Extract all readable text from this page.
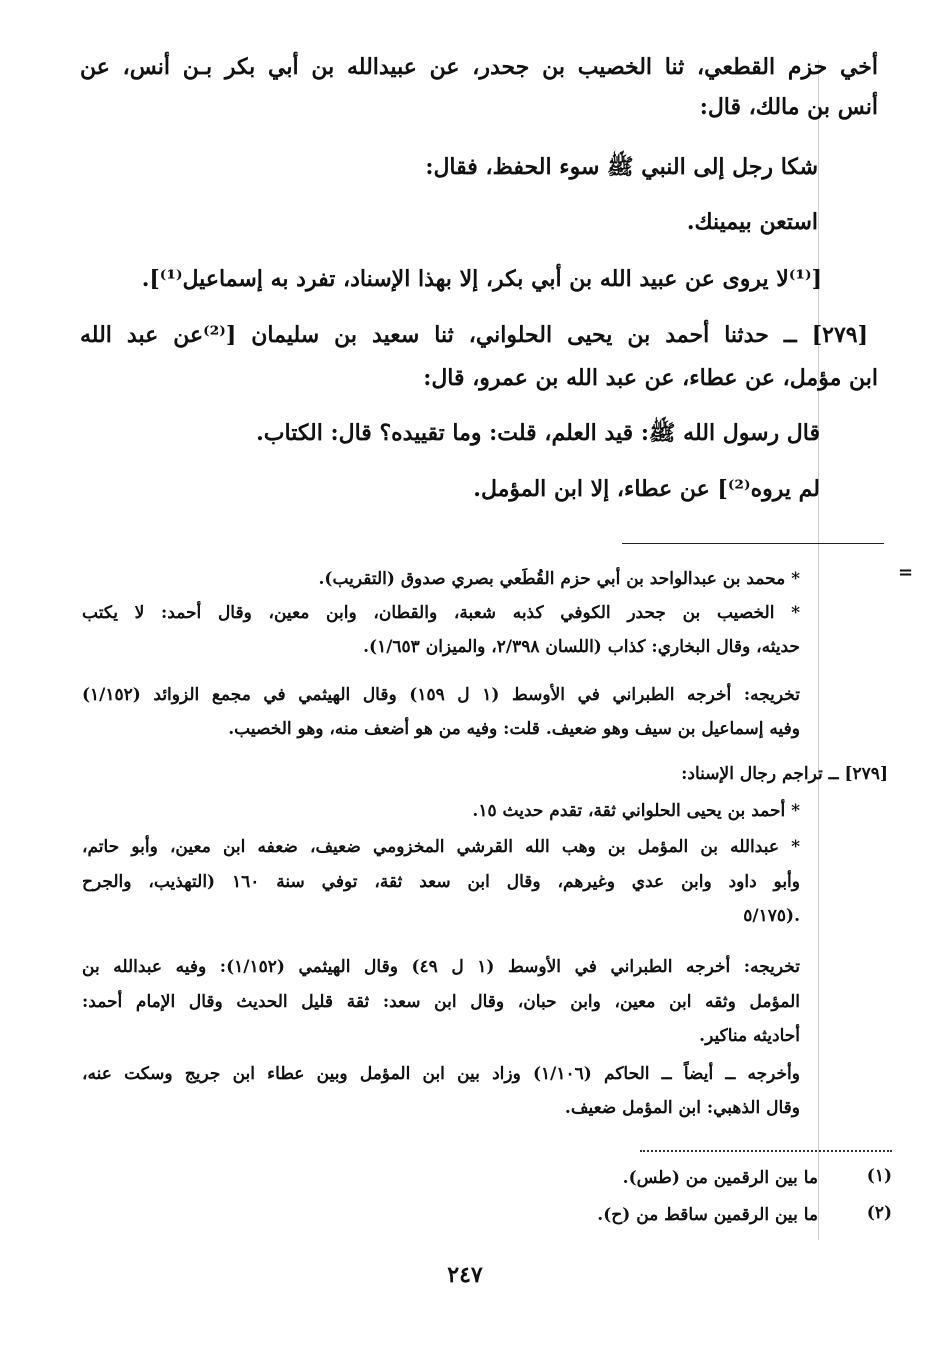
أخي حزم القطعي، ثنا الخصيب بن جحدر، عن عبيدالله بن أبي بكر بـن أنس، عن
أنس بن مالك، قال:
شكا رجل إلى النبي ﷺ سوء الحفظ، فقال:
استعن بيمينك.
[⁽¹⁾لا يروى عن عبيد الله بن أبي بكر، إلا بهذا الإسناد، تفرد به إسماعيل⁽¹⁾].
[٢٧٩] ــ حدثنا أحمد بن يحيى الحلواني، ثنا سعيد بن سليمان [⁽²⁾عن عبد الله
ابن مؤمل، عن عطاء، عن عبد الله بن عمرو، قال:
قال رسول الله ﷺ: قيد العلم، قلت: وما تقييده؟ قال: الكتاب.
لم يروه⁽²⁾] عن عطاء، إلا ابن المؤمل.
=
* محمد بن عبدالواحد بن أبي حزم القُطَعي بصري صدوق (التقريب).
* الخصيب بن جحدر الكوفي كذبه شعبة، والقطان، وابن معين، وقال أحمد: لا يكتب
حديثه، وقال البخاري: كذاب (اللسان ٢/٣٩٨، والميزان ١/٦٥٣).
تخريجه: أخرجه الطبراني في الأوسط (١ ل ١٥٩) وقال الهيثمي في مجمع الزوائد (١/١٥٢)
وفيه إسماعيل بن سيف وهو ضعيف. قلت: وفيه من هو أضعف منه، وهو الخصيب.
[٢٧٩] ــ تراجم رجال الإسناد:
* أحمد بن يحيى الحلواني ثقة، تقدم حديث ١٥.
* عبدالله بن المؤمل بن وهب الله القرشي المخزومي ضعيف، ضعفه ابن معين، وأبو حاتم،
وأبو داود وابن عدي وغيرهم، وقال ابن سعد ثقة، توفي سنة ١٦٠ (التهذيب، والجرح
٥/١٧٥).
تخريجه: أخرجه الطبراني في الأوسط (١ ل ٤٩) وقال الهيثمي (١/١٥٢): وفيه عبدالله بن
المؤمل وثقه ابن معين، وابن حبان، وقال ابن سعد: ثقة قليل الحديث وقال الإمام أحمد:
أحاديثه مناكير.
وأخرجه ــ أيضاً ــ الحاكم (١/١٠٦) وزاد بين ابن المؤمل وبين عطاء ابن جريج وسكت عنه،
وقال الذهبي: ابن المؤمل ضعيف.
(١)
ما بين الرقمين من (طس).
(٢)
ما بين الرقمين ساقط من (ح).
٢٤٧
